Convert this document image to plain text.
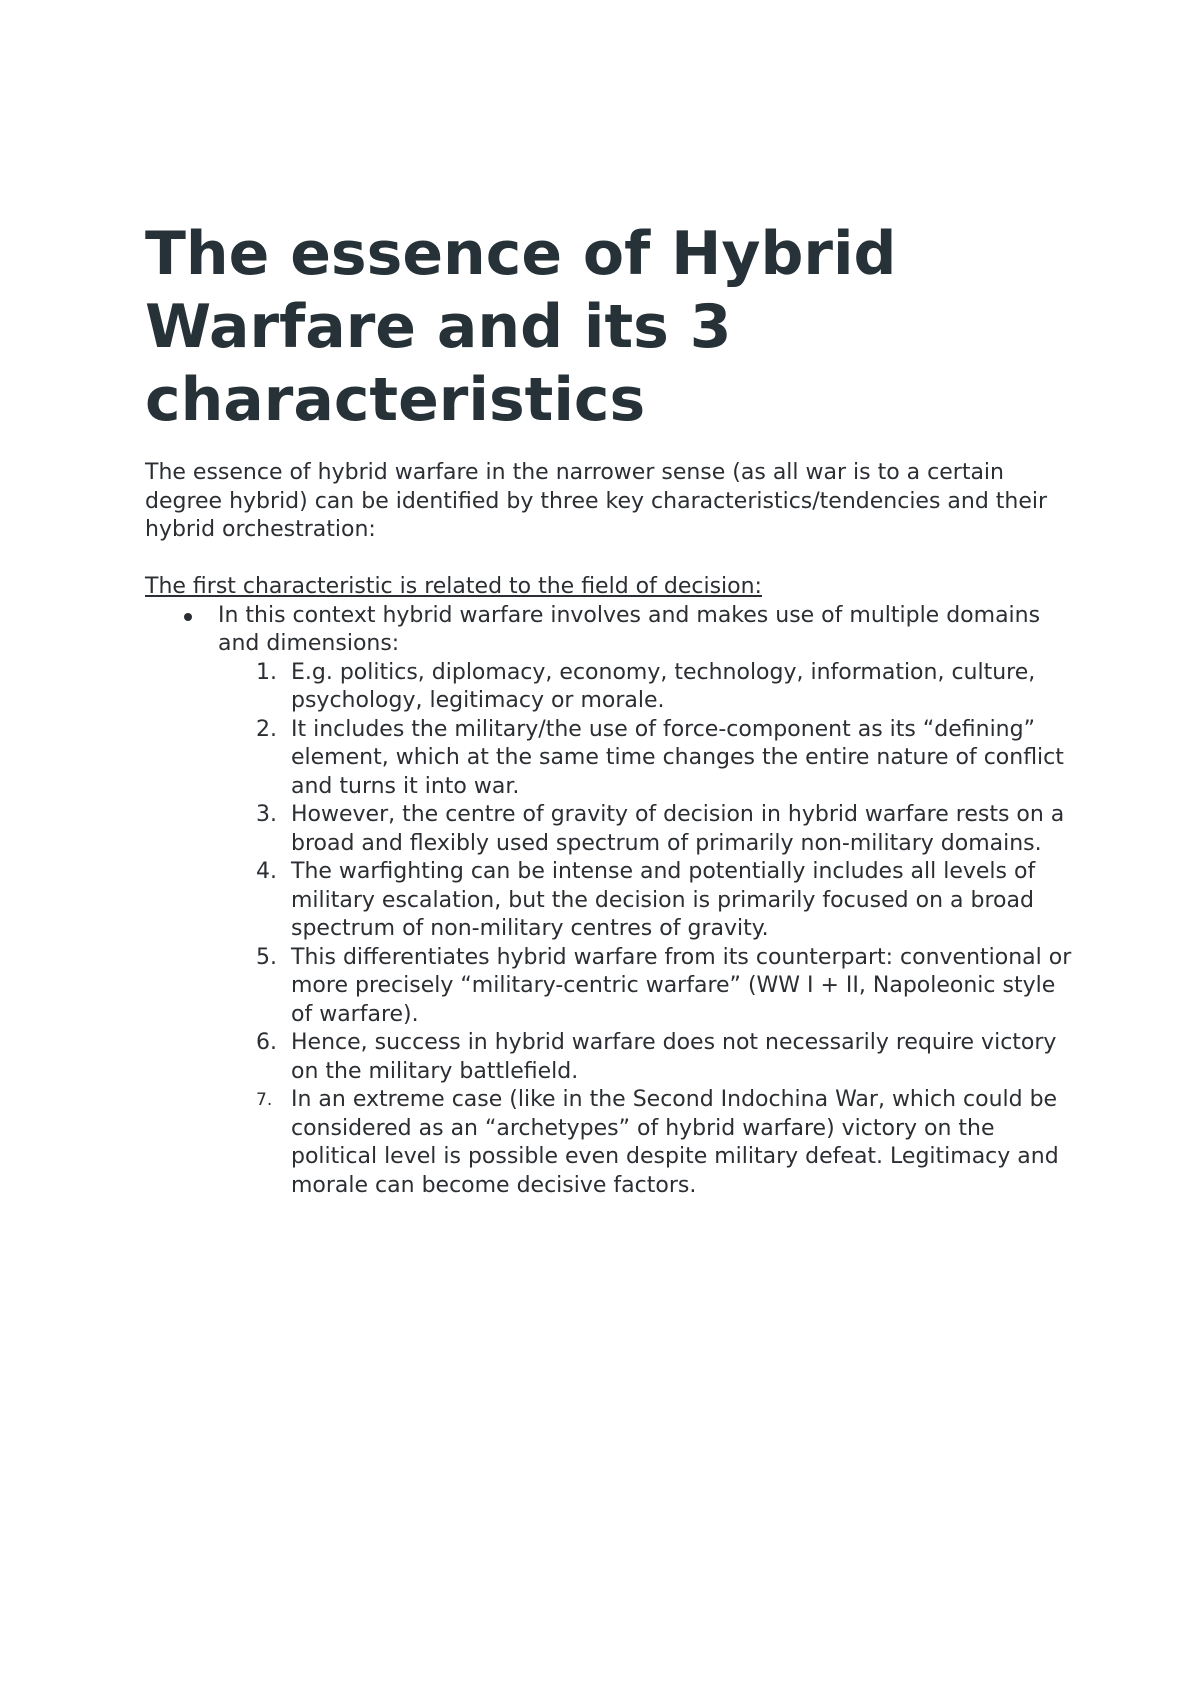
The essence of Hybrid Warfare and its 3 characteristics

The essence of hybrid warfare in the narrower sense (as all war is to a certain degree hybrid) can be identified by three key characteristics/tendencies and their hybrid orchestration:

The first characteristic is related to the field of decision:

In this context hybrid warfare involves and makes use of multiple domains and dimensions:
1. E.g. politics, diplomacy, economy, technology, information, culture, psychology, legitimacy or morale.
2. It includes the military/the use of force-component as its “defining” element, which at the same time changes the entire nature of conflict and turns it into war.
3. However, the centre of gravity of decision in hybrid warfare rests on a broad and flexibly used spectrum of primarily non-military domains.
4. The warfighting can be intense and potentially includes all levels of military escalation, but the decision is primarily focused on a broad spectrum of non-military centres of gravity.
5. This differentiates hybrid warfare from its counterpart: conventional or more precisely “military-centric warfare” (WW I + II, Napoleonic style of warfare).
6. Hence, success in hybrid warfare does not necessarily require victory on the military battlefield.
7. In an extreme case (like in the Second Indochina War, which could be considered as an “archetypes” of hybrid warfare) victory on the political level is possible even despite military defeat. Legitimacy and morale can become decisive factors.
